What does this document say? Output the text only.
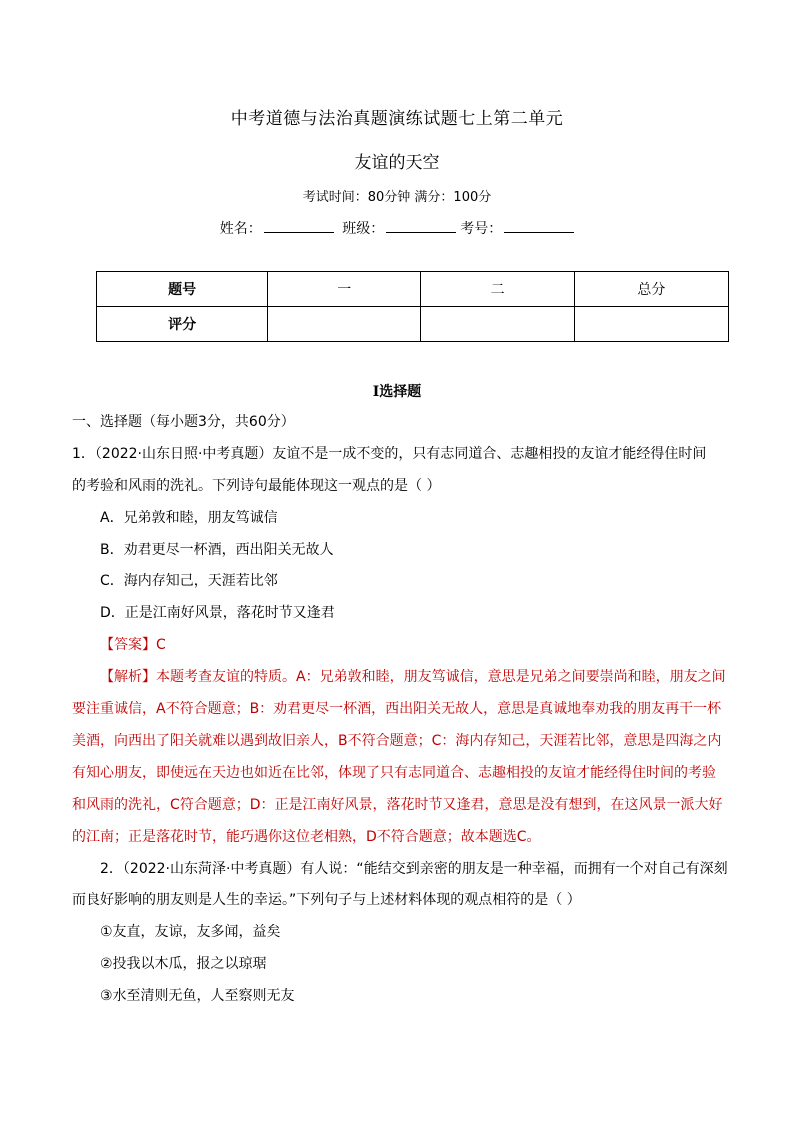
中考道德与法治真题演练试题七上第二单元
友谊的天空
考试时间：80分钟 满分：100分
姓名：	班级：	考号：
题号	一	二	总分
评分			
Ⅰ选择题
一、选择题（每小题3分，共60分）
1．（2022·山东日照·中考真题）友谊不是一成不变的，只有志同道合、志趣相投的友谊才能经得住时间
的考验和风雨的洗礼。下列诗句最能体现这一观点的是（ ）
A．兄弟敦和睦，朋友笃诚信
B．劝君更尽一杯酒，西出阳关无故人
C．海内存知己，天涯若比邻
D．正是江南好风景，落花时节又逢君
【答案】C
【解析】本题考查友谊的特质。A：兄弟敦和睦，朋友笃诚信，意思是兄弟之间要崇尚和睦，朋友之间
要注重诚信，A不符合题意；B：劝君更尽一杯酒，西出阳关无故人，意思是真诚地奉劝我的朋友再干一杯
美酒，向西出了阳关就难以遇到故旧亲人，B不符合题意；C：海内存知己，天涯若比邻，意思是四海之内
有知心朋友，即使远在天边也如近在比邻，体现了只有志同道合、志趣相投的友谊才能经得住时间的考验
和风雨的洗礼，C符合题意；D：正是江南好风景，落花时节又逢君，意思是没有想到，在这风景一派大好
的江南；正是落花时节，能巧遇你这位老相熟，D不符合题意；故本题选C。
2．（2022·山东菏泽·中考真题）有人说：“能结交到亲密的朋友是一种幸福，而拥有一个对自己有深刻
而良好影响的朋友则是人生的幸运。”下列句子与上述材料体现的观点相符的是（ ）
①友直，友谅，友多闻，益矣
②投我以木瓜，报之以琼琚
③水至清则无鱼，人至察则无友
